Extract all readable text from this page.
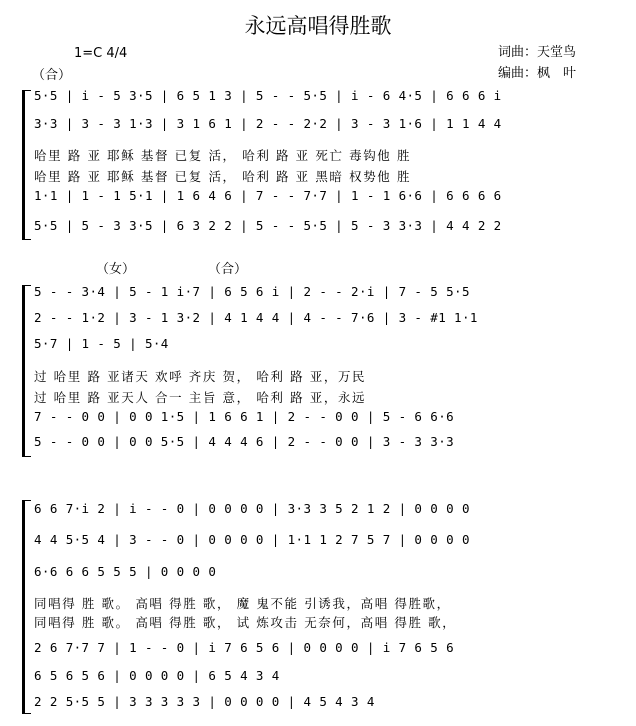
永远高唱得胜歌
1=C 4/4	词曲：天堂鸟
编曲：枫　叶
（合）
5·5 | i - 5 3·5 | 6 5 1 3 | 5 - - 5·5 | i - 6 4·5 | 6 6 6 i
3·3 | 3 - 3 1·3 | 3 1 6 1 | 2 - - 2·2 | 3 - 3 1·6 | 1 1 4 4
哈里 路 亚 耶稣 基督 已复 活， 哈利 路 亚 死亡 毒钩他 胜
哈里 路 亚 耶稣 基督 已复 活， 哈利 路 亚 黑暗 权势他 胜
1·1 | 1 - 1 5·1 | 1 6 4 6 | 7 - - 7·7 | 1 - 1 6·6 | 6 6 6 6
5·5 | 5 - 3 3·5 | 6 3 2 2 | 5 - - 5·5 | 5 - 3 3·3 | 4 4 2 2
（女）	（合）
5 - - 3·4 | 5 - 1 i·7 | 6 5 6 i | 2 - - 2·i | 7 - 5 5·5
2 - - 1·2 | 3 - 1 3·2 | 4 1 4 4 | 4 - - 7·6 | 3 - #1 1·1
5·7 | 1 - 5 | 5·4
过 哈里 路 亚诸天 欢呼 齐庆 贺， 哈利 路 亚，万民
过 哈里 路 亚天人 合一 主旨 意， 哈利 路 亚，永远
7 - - 0 0 | 0 0 1·5 | 1 6 6 1 | 2 - - 0 0 | 5 - 6 6·6
5 - - 0 0 | 0 0 5·5 | 4 4 4 6 | 2 - - 0 0 | 3 - 3 3·3
6 6 7·i 2 | i - - 0 | 0 0 0 0 | 3·3 3 5 2 1 2 | 0 0 0 0
4 4 5·5 4 | 3 - - 0 | 0 0 0 0 | 1·1 1 2 7 5 7 | 0 0 0 0
6·6 6 6 5 5 5 | 0 0 0 0
同唱得 胜 歌。 高唱 得胜 歌， 魔 鬼不能 引诱我，高唱 得胜歌，
同唱得 胜 歌。 高唱 得胜 歌， 试 炼攻击 无奈何，高唱 得胜 歌，
2 6 7·7 7 | 1 - - 0 | i 7 6 5 6 | 0 0 0 0 | i 7 6 5 6
6 5 6 5 6 | 0 0 0 0 | 6 5 4 3 4
2 2 5·5 5 | 3 3 3 3 3 | 0 0 0 0 | 4 5 4 3 4
